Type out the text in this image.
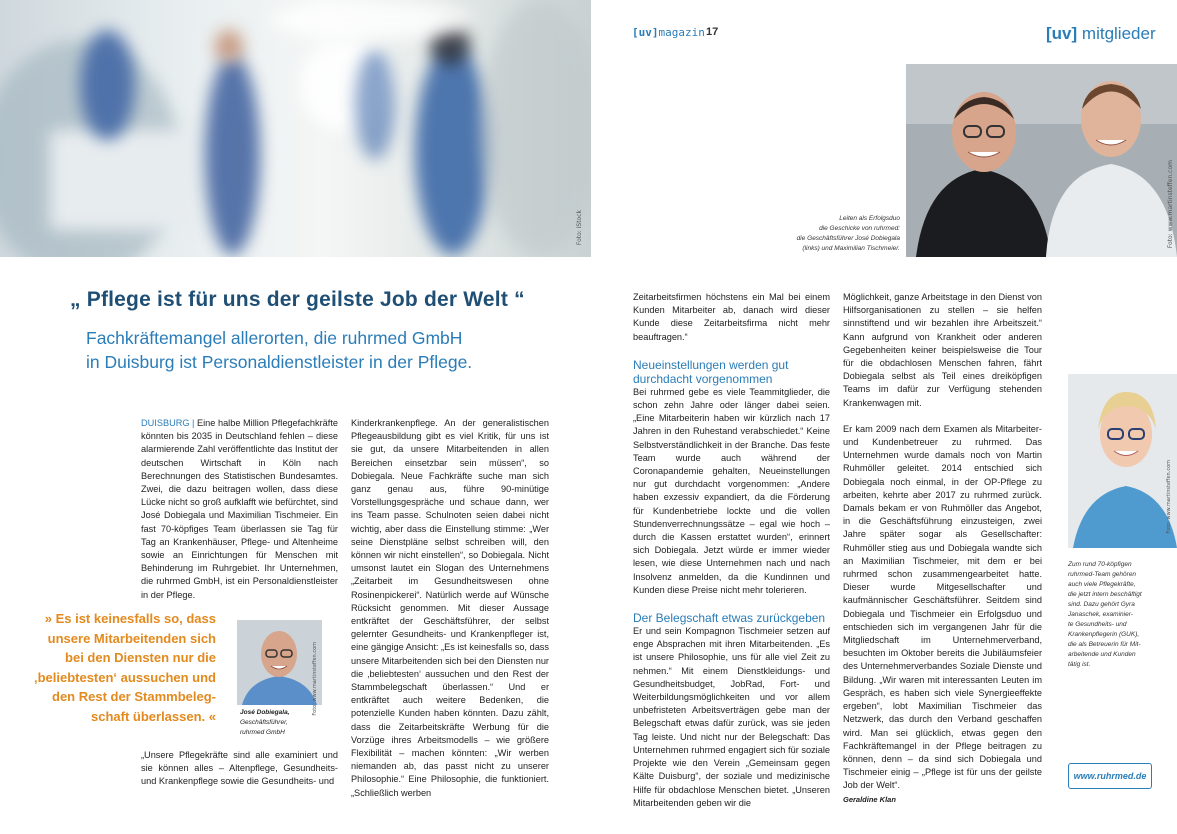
Foto: iStock
[uv]magazin 17	[uv] mitglieder
Foto: www.martinsteffen.com
Leiten als Erfolgsduo
die Geschicke von ruhrmed:
die Geschäftsführer José Dobiegala
(links) und Maximilian Tischmeier.
„ Pflege ist für uns der geilste Job der Welt “
Fachkräftemangel allerorten, die ruhrmed GmbH
in Duisburg ist Personaldienstleister in der Pflege.

DUISBURG | Eine halbe Million Pflegefachkräfte könnten bis 2035 in Deutschland fehlen – diese alarmierende Zahl veröffentlichte das Institut der deutschen Wirtschaft in Köln nach Berechnungen des Statistischen Bundesamtes. Zwei, die dazu beitragen wollen, dass diese Lücke nicht so groß aufklafft wie befürchtet, sind José Dobiegala und Maximilian Tischmeier. Ein fast 70-köpfiges Team überlassen sie Tag für Tag an Krankenhäuser, Pflege- und Altenheime sowie an Einrichtungen für Menschen mit Behinderung im Ruhrgebiet. Ihr Unternehmen, die ruhrmed GmbH, ist ein Personaldienstleister in der Pflege.

„Unsere Pflegekräfte sind alle examiniert und sie können alles – Altenpflege, Gesundheits- und Krankenpflege sowie die Gesundheits- und

» Es ist keinesfalls so, dass unsere Mitarbeitenden sich bei den Diensten nur die ‚beliebtesten‘ aussuchen und den Rest der Stammbeleg-schaft überlassen. «
Foto: www.martinsteffen.com
José Dobiegala,
Geschäftsführer,
ruhrmed GmbH

Kinderkrankenpflege. An der generalistischen Pflegeausbildung gibt es viel Kritik, für uns ist sie gut, da unsere Mitarbeitenden in allen Bereichen einsetzbar sein müssen“, so Dobiegala. Neue Fachkräfte suche man sich ganz genau aus, führe 90-minütige Vorstellungsgespräche und schaue dann, wer ins Team passe. Schulnoten seien dabei nicht wichtig, aber dass die Einstellung stimme: „Wer seine Dienstpläne selbst schreiben will, den können wir nicht einstellen“, so Dobiegala. Nicht umsonst lautet ein Slogan des Unternehmens „Zeitarbeit im Gesundheitswesen ohne Rosinenpickerei“. Natürlich werde auf Wünsche Rücksicht genommen. Mit dieser Aussage entkräftet der Geschäftsführer, der selbst gelernter Gesundheits- und Krankenpfleger ist, eine gängige Ansicht: „Es ist keinesfalls so, dass unsere Mitarbeitenden sich bei den Diensten nur die ‚beliebtesten‘ aussuchen und den Rest der Stammbelegschaft überlassen.“ Und er entkräftet auch weitere Bedenken, die potenzielle Kunden haben könnten. Dazu zählt, dass die Zeitarbeitskräfte Werbung für die Vorzüge ihres Arbeitsmodells – wie größere Flexibilität – machen könnten: „Wir werben niemanden ab, das passt nicht zu unserer Philosophie.“ Eine Philosophie, die funktioniert. „Schließlich werben

Zeitarbeitsfirmen höchstens ein Mal bei einem Kunden Mitarbeiter ab, danach wird dieser Kunde diese Zeitarbeitsfirma nicht mehr beauftragen.“

Neueinstellungen werden gut
durchdacht vorgenommen

Bei ruhrmed gebe es viele Teammitglieder, die schon zehn Jahre oder länger dabei seien. „Eine Mitarbeiterin haben wir kürzlich nach 17 Jahren in den Ruhestand verabschiedet.“ Keine Selbstverständlichkeit in der Branche. Das feste Team wurde auch während der Coronapandemie gehalten, Neueinstellungen nur gut durchdacht vorgenommen: „Andere haben exzessiv expandiert, da die Förderung für Kundenbetriebe lockte und die vollen Stundenverrechnungssätze – egal wie hoch – durch die Kassen erstattet wurden“, erinnert sich Dobiegala. Jetzt würde er immer wieder lesen, wie diese Unternehmen nach und nach Insolvenz anmelden, da die Kundinnen und Kunden diese Preise nicht mehr tolerieren.

Der Belegschaft etwas zurückgeben

Er und sein Kompagnon Tischmeier setzen auf enge Absprachen mit ihren Mitarbeitenden. „Es ist unsere Philosophie, uns für alle viel Zeit zu nehmen.“ Mit einem Dienstkleidungs- und Gesundheitsbudget, JobRad, Fort- und Weiterbildungsmöglichkeiten und vor allem unbefristeten Arbeitsverträgen gebe man der Belegschaft etwas dafür zurück, was sie jeden Tag leiste. Und nicht nur der Belegschaft: Das Unternehmen ruhrmed engagiert sich für soziale Projekte wie den Verein „Gemeinsam gegen Kälte Duisburg“, der soziale und medizinische Hilfe für obdachlose Menschen bietet. „Unseren Mitarbeitenden geben wir die

Möglichkeit, ganze Arbeitstage in den Dienst von Hilfsorganisationen zu stellen – sie helfen sinnstiftend und wir bezahlen ihre Arbeitszeit.“ Kann aufgrund von Krankheit oder anderen Gegebenheiten keiner beispielsweise die Tour für die obdachlosen Menschen fahren, fährt Dobiegala selbst als Teil eines dreiköpfigen Teams im dafür zur Verfügung stehenden Krankenwagen mit.

Er kam 2009 nach dem Examen als Mitarbeiter- und Kundenbetreuer zu ruhrmed. Das Unternehmen wurde damals noch von Martin Ruhmöller geleitet. 2014 entschied sich Dobiegala noch einmal, in der OP-Pflege zu arbeiten, kehrte aber 2017 zu ruhrmed zurück. Damals bekam er von Ruhmöller das Angebot, in die Geschäftsführung einzusteigen, zwei Jahre später sogar als Gesellschafter: Ruhmöller stieg aus und Dobiegala wandte sich an Maximilian Tischmeier, mit dem er bei ruhrmed schon zusammengearbeitet hatte. Dieser wurde Mitgesellschafter und kaufmännischer Geschäftsführer. Seitdem sind Dobiegala und Tischmeier ein Erfolgsduo und entschieden sich im vergangenen Jahr für die Mitgliedschaft im Unternehmerverband, besuchten im Oktober bereits die Jubiläumsfeier des Unternehmerverbandes Soziale Dienste und Bildung. „Wir waren mit interessanten Leuten im Gespräch, es haben sich viele Synergieeffekte ergeben“, lobt Maximilian Tischmeier das Netzwerk, das durch den Verband geschaffen wird. Man sei glücklich, etwas gegen den Fachkräftemangel in der Pflege beitragen zu können, denn – da sind sich Dobiegala und Tischmeier einig – „Pflege ist für uns der geilste Job der Welt“.

Geraldine Klan
Foto: www.martinsteffen.com
Zum rund 70-köpfigen
ruhrmed-Team gehören
auch viele Pflegekräfte,
die jetzt intern beschäftigt
sind. Dazu gehört Gyra
Janaschek, examinier-
te Gesundheits- und
Krankenpflegerin (GUK),
die als Betreuerin für Mit-
arbeitende und Kunden
tätig ist.
www.ruhrmed.de
